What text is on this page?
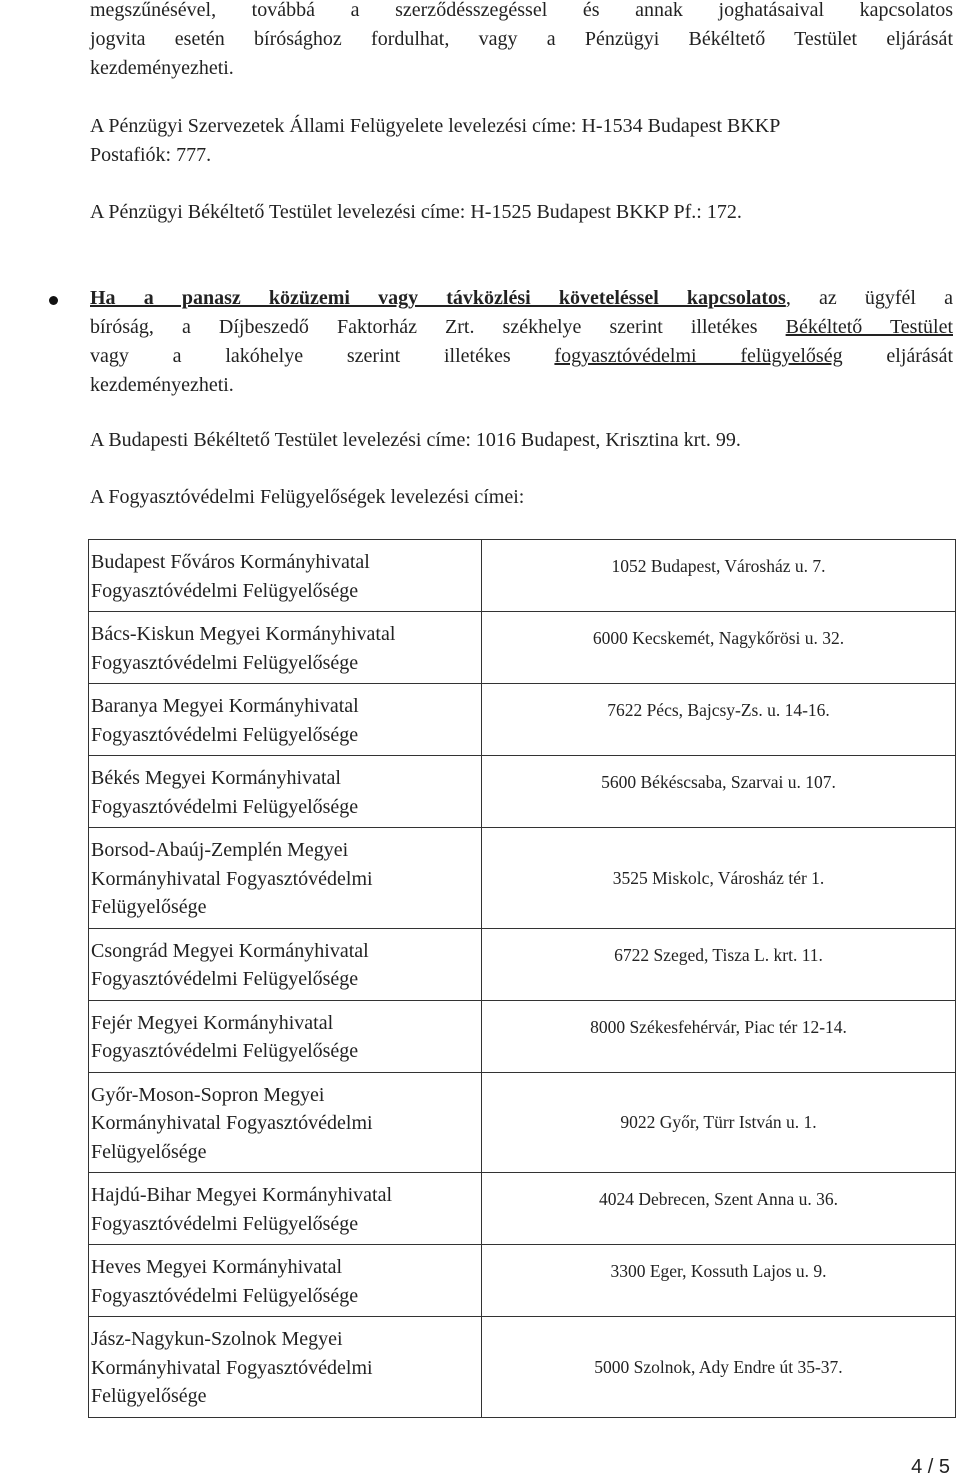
megszűnésével, továbbá a szerződésszegéssel és annak joghatásaival kapcsolatos
jogvita esetén bírósághoz fordulhat, vagy a Pénzügyi Békéltető Testület eljárását
kezdeményezheti.
A Pénzügyi Szervezetek Állami Felügyelete levelezési címe: H-1534 Budapest BKKP
Postafiók: 777.
A Pénzügyi Békéltető Testület levelezési címe: H-1525 Budapest BKKP Pf.: 172.
Ha a panasz közüzemi vagy távközlési követeléssel kapcsolatos, az ügyfél a
bíróság, a Díjbeszedő Faktorház Zrt. székhelye szerint illetékes Békéltető Testület
vagy a lakóhelye szerint illetékes fogyasztóvédelmi felügyelőség eljárását
kezdeményezheti.
A Budapesti Békéltető Testület levelezési címe: 1016 Budapest, Krisztina krt. 99.
A Fogyasztóvédelmi Felügyelőségek levelezési címei:
Budapest Főváros Kormányhivatal
Fogyasztóvédelmi Felügyelősége	1052 Budapest, Városház u. 7.

Bács-Kiskun Megyei Kormányhivatal
Fogyasztóvédelmi Felügyelősége	6000 Kecskemét, Nagykőrösi u. 32.

Baranya Megyei Kormányhivatal
Fogyasztóvédelmi Felügyelősége	7622 Pécs, Bajcsy-Zs. u. 14-16.

Békés Megyei Kormányhivatal
Fogyasztóvédelmi Felügyelősége	5600 Békéscsaba, Szarvai u. 107.

Borsod-Abaúj-Zemplén Megyei
Kormányhivatal Fogyasztóvédelmi
Felügyelősége	3525 Miskolc, Városház tér 1.

Csongrád Megyei Kormányhivatal
Fogyasztóvédelmi Felügyelősége	6722 Szeged, Tisza L. krt. 11.

Fejér Megyei Kormányhivatal
Fogyasztóvédelmi Felügyelősége	8000 Székesfehérvár, Piac tér 12-14.

Győr-Moson-Sopron Megyei
Kormányhivatal Fogyasztóvédelmi
Felügyelősége	9022 Győr, Türr István u. 1.

Hajdú-Bihar Megyei Kormányhivatal
Fogyasztóvédelmi Felügyelősége	4024 Debrecen, Szent Anna u. 36.

Heves Megyei Kormányhivatal
Fogyasztóvédelmi Felügyelősége	3300 Eger, Kossuth Lajos u. 9.

Jász-Nagykun-Szolnok Megyei
Kormányhivatal Fogyasztóvédelmi
Felügyelősége	5000 Szolnok, Ady Endre út 35-37.
4 / 5
